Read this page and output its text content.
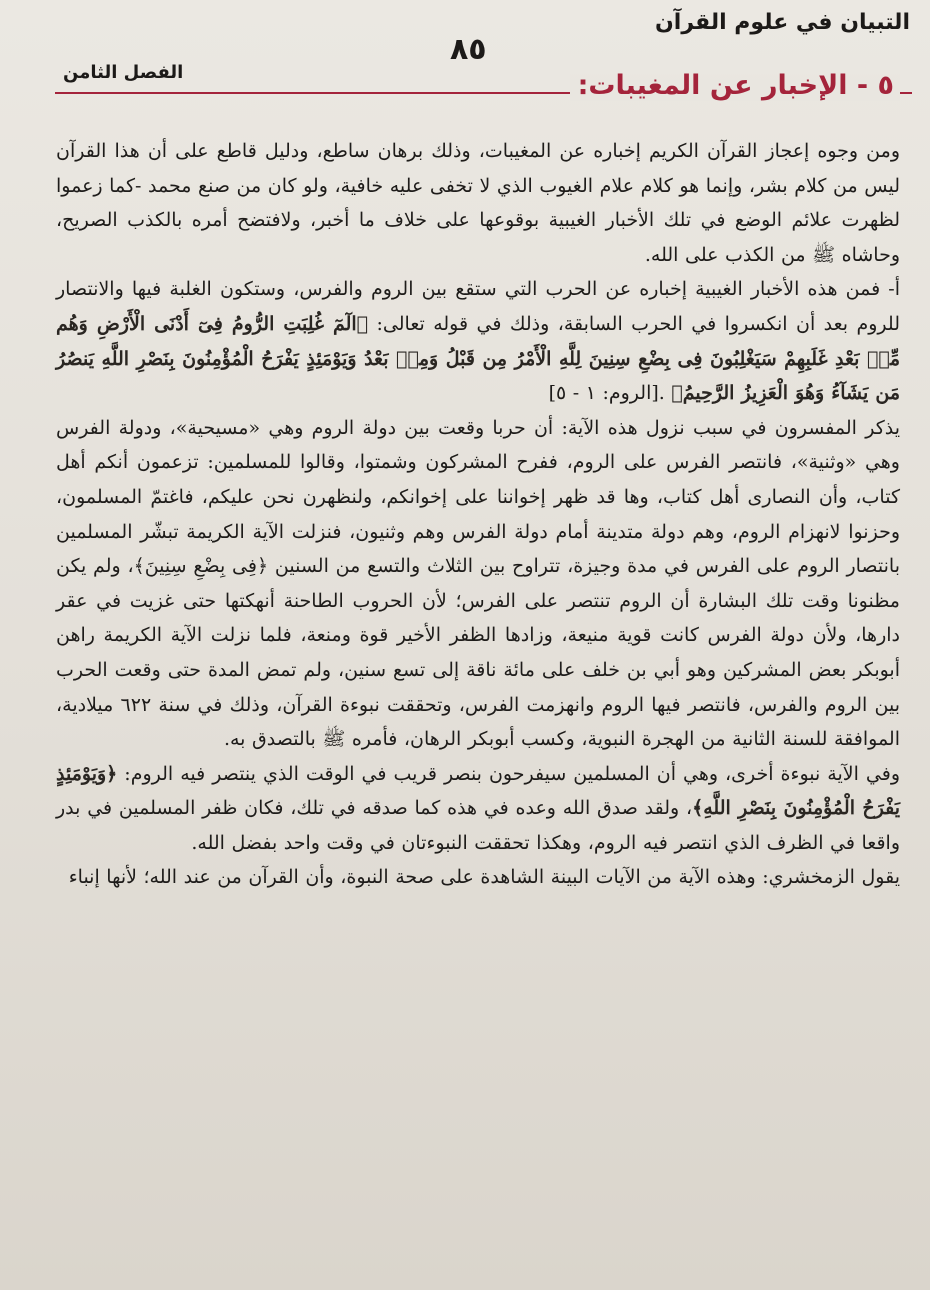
التبيان في علوم القرآن
٨٥
الفصل الثامن	٥ - الإخبار عن المغيبات:

ومن وجوه إعجاز القرآن الكريم إخباره عن المغيبات، وذلك برهان ساطع، ودليل قاطع على أن هذا القرآن ليس من كلام بشر، وإنما هو كلام علام الغيوب الذي لا تخفى عليه خافية، ولو كان من صنع محمد -كما زعموا لظهرت علائم الوضع في تلك الأخبار الغيبية بوقوعها على خلاف ما أخبر، ولافتضح أمره بالكذب الصريح، وحاشاه ﷺ من الكذب على الله.

أ- فمن هذه الأخبار الغيبية إخباره عن الحرب التي ستقع بين الروم والفرس، وستكون الغلبة فيها والانتصار للروم بعد أن انكسروا في الحرب السابقة، وذلك في قوله تعالى: ﴿الٓمٓ غُلِبَتِ الرُّومُ فِىٓ أَدْنَى الْأَرْضِ وَهُم مِّنۢ بَعْدِ غَلَبِهِمْ سَيَغْلِبُونَ فِى بِضْعِ سِنِينَ لِلَّهِ الْأَمْرُ مِن قَبْلُ وَمِنۢ بَعْدُ وَيَوْمَئِذٍ يَفْرَحُ الْمُؤْمِنُونَ بِنَصْرِ اللَّهِ يَنصُرُ مَن يَشَآءُ وَهُوَ الْعَزِيزُ الرَّحِيمُ﴾ .[الروم: ١ - ٥]

يذكر المفسرون في سبب نزول هذه الآية: أن حربا وقعت بين دولة الروم وهي «مسيحية»، ودولة الفرس وهي «وثنية»، فانتصر الفرس على الروم، ففرح المشركون وشمتوا، وقالوا للمسلمين: تزعمون أنكم أهل كتاب، وأن النصارى أهل كتاب، وها قد ظهر إخواننا على إخوانكم، ولنظهرن نحن عليكم، فاغتمّ المسلمون، وحزنوا لانهزام الروم، وهم دولة متدينة أمام دولة الفرس وهم وثنيون، فنزلت الآية الكريمة تبشّر المسلمين بانتصار الروم على الفرس في مدة وجيزة، تتراوح بين الثلاث والتسع من السنين ﴿فِى بِضْعِ سِنِينَ﴾، ولم يكن مظنونا وقت تلك البشارة أن الروم تنتصر على الفرس؛ لأن الحروب الطاحنة أنهكتها حتى غزيت في عقر دارها، ولأن دولة الفرس كانت قوية منيعة، وزادها الظفر الأخير قوة ومنعة، فلما نزلت الآية الكريمة راهن أبوبكر بعض المشركين وهو أبي بن خلف على مائة ناقة إلى تسع سنين، ولم تمض المدة حتى وقعت الحرب بين الروم والفرس، فانتصر فيها الروم وانهزمت الفرس، وتحققت نبوءة القرآن، وذلك في سنة ٦٢٢ ميلادية، الموافقة للسنة الثانية من الهجرة النبوية، وكسب أبوبكر الرهان، فأمره ﷺ بالتصدق به.

وفي الآية نبوءة أخرى، وهي أن المسلمين سيفرحون بنصر قريب في الوقت الذي ينتصر فيه الروم: ﴿وَيَوْمَئِذٍ يَفْرَحُ الْمُؤْمِنُونَ بِنَصْرِ اللَّهِ﴾، ولقد صدق الله وعده في هذه كما صدقه في تلك، فكان ظفر المسلمين في بدر واقعا في الظرف الذي انتصر فيه الروم، وهكذا تحققت النبوءتان في وقت واحد بفضل الله.

يقول الزمخشري: وهذه الآية من الآيات البينة الشاهدة على صحة النبوة، وأن القرآن من عند الله؛ لأنها إنباء
